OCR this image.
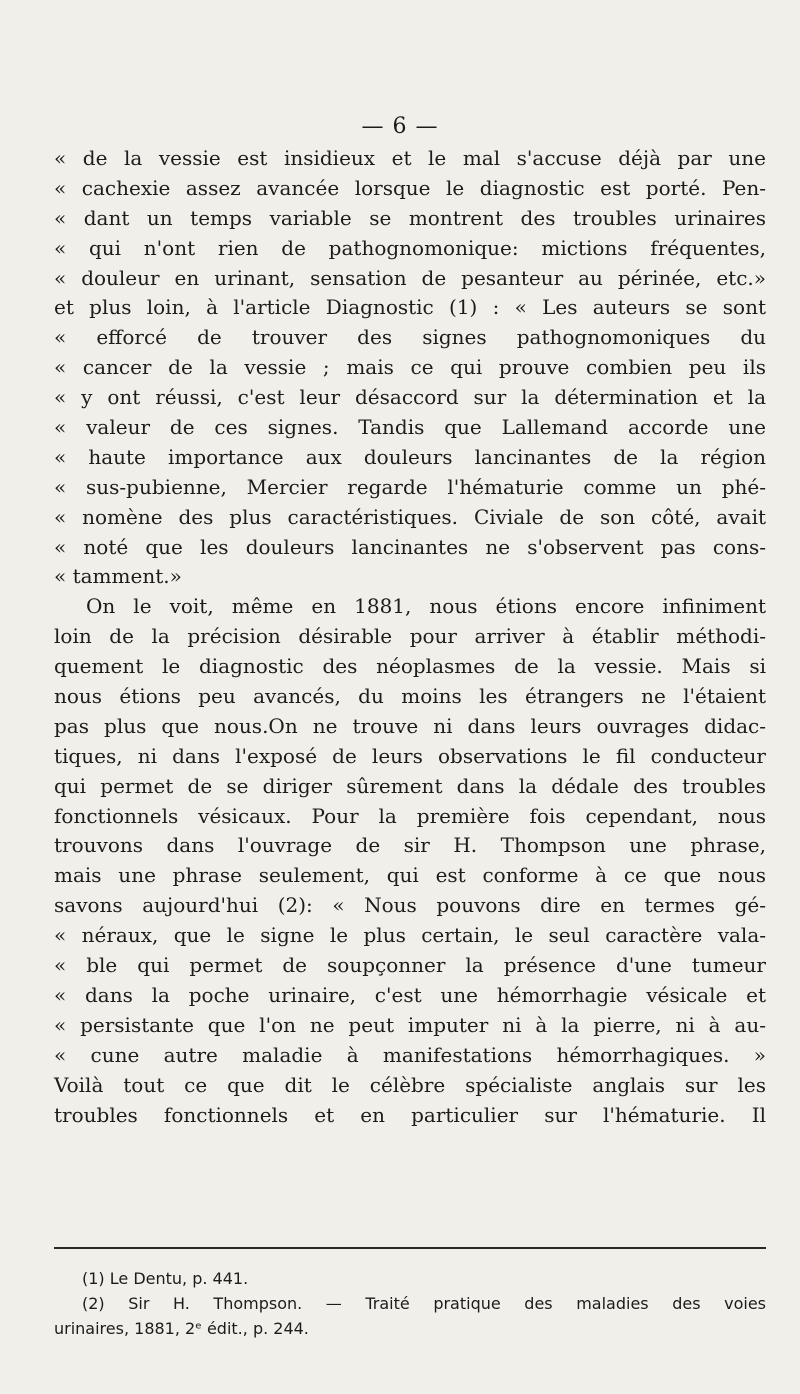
— 6 —
« de la vessie est insidieux et le mal s'accuse déjà par une
« cachexie assez avancée lorsque le diagnostic est porté. Pen-
« dant un temps variable se montrent des troubles urinaires
« qui n'ont rien de pathognomonique: mictions fréquentes,
« douleur en urinant, sensation de pesanteur au périnée, etc.»
et plus loin, à l'article Diagnostic (1) : « Les auteurs se sont
« efforcé de trouver des signes pathognomoniques du
« cancer de la vessie ; mais ce qui prouve combien peu ils
« y ont réussi, c'est leur désaccord sur la détermination et la
« valeur de ces signes. Tandis que Lallemand accorde une
« haute importance aux douleurs lancinantes de la région
« sus-pubienne, Mercier regarde l'hématurie comme un phé-
« nomène des plus caractéristiques. Civiale de son côté, avait
« noté que les douleurs lancinantes ne s'observent pas cons-
« tamment.»
On le voit, même en 1881, nous étions encore infiniment
loin de la précision désirable pour arriver à établir méthodi-
quement le diagnostic des néoplasmes de la vessie. Mais si
nous étions peu avancés, du moins les étrangers ne l'étaient
pas plus que nous.On ne trouve ni dans leurs ouvrages didac-
tiques, ni dans l'exposé de leurs observations le fil conducteur
qui permet de se diriger sûrement dans la dédale des troubles
fonctionnels vésicaux. Pour la première fois cependant, nous
trouvons dans l'ouvrage de sir H. Thompson une phrase,
mais une phrase seulement, qui est conforme à ce que nous
savons aujourd'hui (2): « Nous pouvons dire en termes gé-
« néraux, que le signe le plus certain, le seul caractère vala-
« ble qui permet de soupçonner la présence d'une tumeur
« dans la poche urinaire, c'est une hémorrhagie vésicale et
« persistante que l'on ne peut imputer ni à la pierre, ni à au-
« cune autre maladie à manifestations hémorrhagiques. »
Voilà tout ce que dit le célèbre spécialiste anglais sur les
troubles fonctionnels et en particulier sur l'hématurie. Il
(1) Le Dentu, p. 441.
(2) Sir H. Thompson. — Traité pratique des maladies des voies
urinaires, 1881, 2ᵉ édit., p. 244.
